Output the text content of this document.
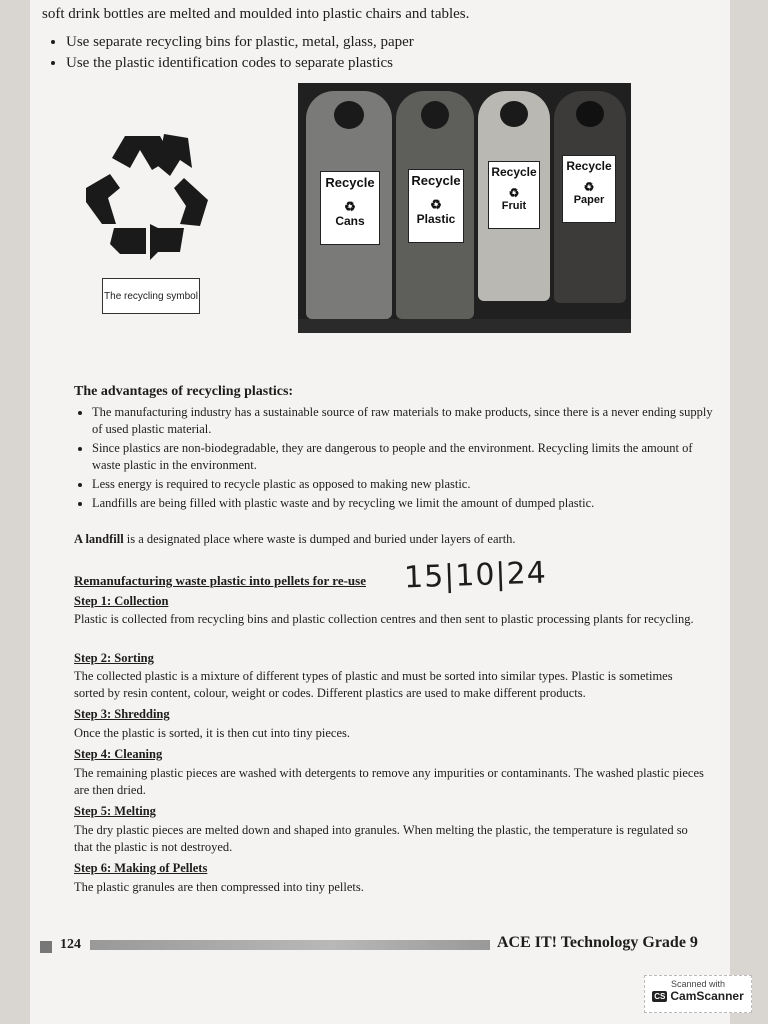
soft drink bottles are melted and moulded into plastic chairs and tables.
• Use separate recycling bins for plastic, metal, glass, paper
• Use the plastic identification codes to separate plastics
The recycling symbol
Recycle
♻
Cans
Recycle
♻
Plastic
Recycle
♻
Fruit
Recycle
♻
Paper
The advantages of recycling plastics:
• The manufacturing industry has a sustainable source of raw materials to make products, since there is a never ending supply of used plastic material.
• Since plastics are non-biodegradable, they are dangerous to people and the environment. Recycling limits the amount of waste plastic in the environment.
• Less energy is required to recycle plastic as opposed to making new plastic.
• Landfills are being filled with plastic waste and by recycling we limit the amount of dumped plastic.
A landfill is a designated place where waste is dumped and buried under layers of earth.
Remanufacturing waste plastic into pellets for re-use 15|10|24
Step 1: Collection
Plastic is collected from recycling bins and plastic collection centres and then sent to plastic processing plants for recycling.
Step 2: Sorting
The collected plastic is a mixture of different types of plastic and must be sorted into similar types. Plastic is sometimes sorted by resin content, colour, weight or codes. Different plastics are used to make different products.
Step 3: Shredding
Once the plastic is sorted, it is then cut into tiny pieces.
Step 4: Cleaning
The remaining plastic pieces are washed with detergents to remove any impurities or contaminants. The washed plastic pieces are then dried.
Step 5: Melting
The dry plastic pieces are melted down and shaped into granules. When melting the plastic, the temperature is regulated so that the plastic is not destroyed.
Step 6: Making of Pellets
The plastic granules are then compressed into tiny pellets.
124	ACE IT! Technology Grade 9
Scanned with
CS CamScanner
